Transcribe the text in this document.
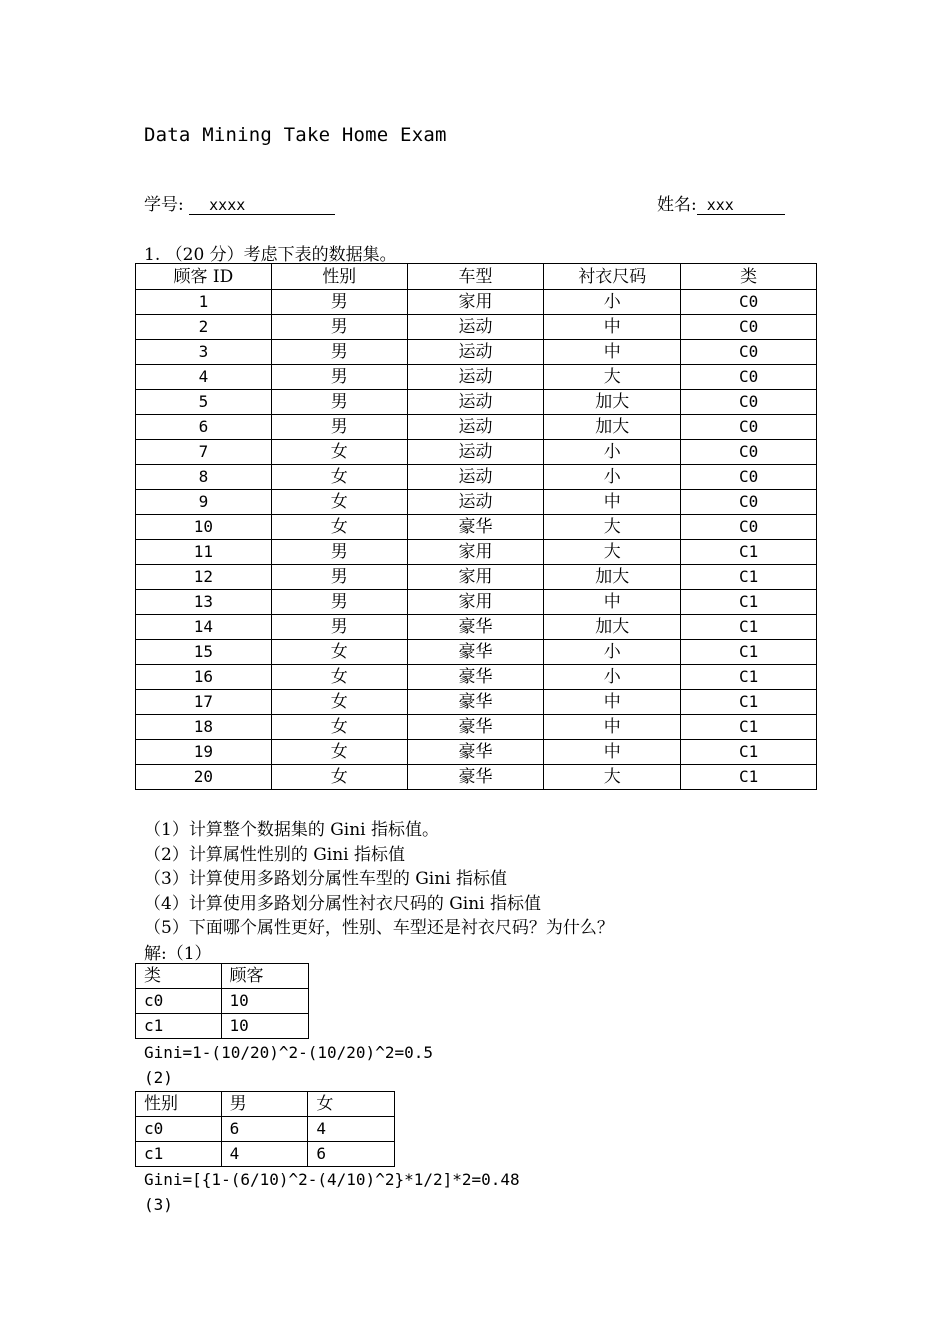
Data Mining Take Home Exam
学号: xxxx	姓名: xxx
1. （20 分）考虑下表的数据集。
顾客 ID	性别	车型	衬衣尺码	类
1	男	家用	小	C0
2	男	运动	中	C0
3	男	运动	中	C0
4	男	运动	大	C0
5	男	运动	加大	C0
6	男	运动	加大	C0
7	女	运动	小	C0
8	女	运动	小	C0
9	女	运动	中	C0
10	女	豪华	大	C0
11	男	家用	大	C1
12	男	家用	加大	C1
13	男	家用	中	C1
14	男	豪华	加大	C1
15	女	豪华	小	C1
16	女	豪华	小	C1
17	女	豪华	中	C1
18	女	豪华	中	C1
19	女	豪华	中	C1
20	女	豪华	大	C1
（1）计算整个数据集的 Gini 指标值。
（2）计算属性性别的 Gini 指标值
（3）计算使用多路划分属性车型的 Gini 指标值
（4）计算使用多路划分属性衬衣尺码的 Gini 指标值
（5）下面哪个属性更好，性别、车型还是衬衣尺码？为什么？
解:（1）
类	顾客
c0	10
c1	10
Gini=1-(10/20)^2-(10/20)^2=0.5
(2)
性别	男	女
c0	6	4
c1	4	6
Gini=[{1-(6/10)^2-(4/10)^2}*1/2]*2=0.48
(3)
